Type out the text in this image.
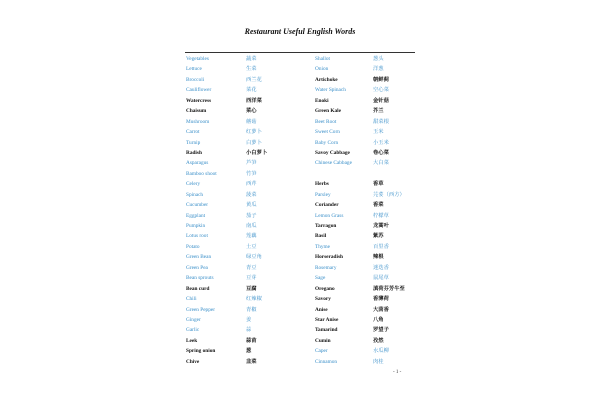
Restaurant Useful English Words
Vegetables	蔬菜
Lettuce	生菜
Broccoli	西兰花
Cauliflower	菜花
Watercress	西洋菜
Chaisum	菜心
Mushroom	蘑菇
Carrot	红萝卜
Turnip	白萝卜
Radish	小白萝卜
Asparagus	芦笋
Bamboo shoot	竹笋
Celery	西芹
Spinach	菠菜
Cucumber	黄瓜
Eggplant	茄子
Pumpkin	南瓜
Lotus root	莲藕
Potato	土豆
Green Bean	绿豆角
Green Pea	青豆
Bean sprouts	豆芽
Bean curd	豆腐
Chili	红辣椒
Green Pepper	青椒
Ginger	姜
Garlic	蒜
Leek	蒜苗
Spring onion	葱
Chive	韭菜
Shallot	葱头
Onion	洋葱
Artichoke	朝鲜蓟
Water Spinach	空心菜
Enoki	金针菇
Green Kale	芥兰
Beet Root	甜菜根
Sweet Corn	玉米
Baby Corn	小玉米
Savoy Cabbage	卷心菜
Chinese Cabbage	大白菜
Herbs	香草
Parsley	芫荽（西方）
Coriander	香菜
Lemon Grass	柠檬草
Tarragon	龙蒿叶
Basil	紫苏
Thyme	百里香
Horseradish	辣根
Rosemary	迷迭香
Sage	鼠尾草
Oregano	滇荷芬芳牛至
Savory	香薄荷
Anise	大茴香
Star Anise	八角
Tamarind	罗望子
Cumin	孜然
Caper	水瓜柳
Cinnamon	肉桂
- 1 -
